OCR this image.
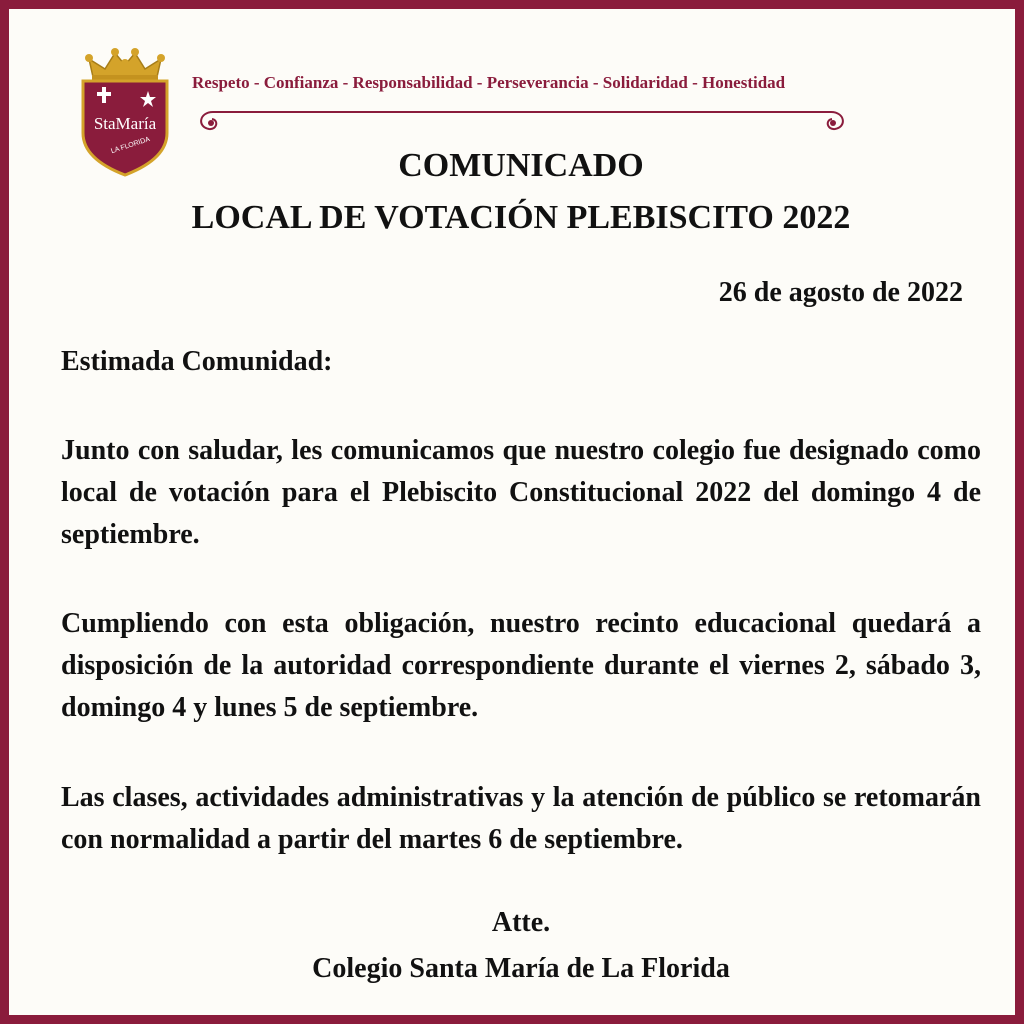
StaMaría
LA FLORIDA
Respeto - Confianza - Responsabilidad - Perseverancia - Solidaridad - Honestidad
COMUNICADO
LOCAL DE VOTACIÓN PLEBISCITO 2022
26 de agosto de 2022
Estimada Comunidad:
Junto con saludar, les comunicamos que nuestro colegio fue designado como local de votación para el Plebiscito Constitucional 2022 del domingo 4 de septiembre.
Cumpliendo con esta obligación, nuestro recinto educacional quedará a disposición de la autoridad correspondiente durante el viernes 2, sábado 3, domingo 4 y lunes 5 de septiembre.
Las clases, actividades administrativas y la atención de público se retomarán con normalidad a partir del martes 6 de septiembre.
Atte.
Colegio Santa María de La Florida
